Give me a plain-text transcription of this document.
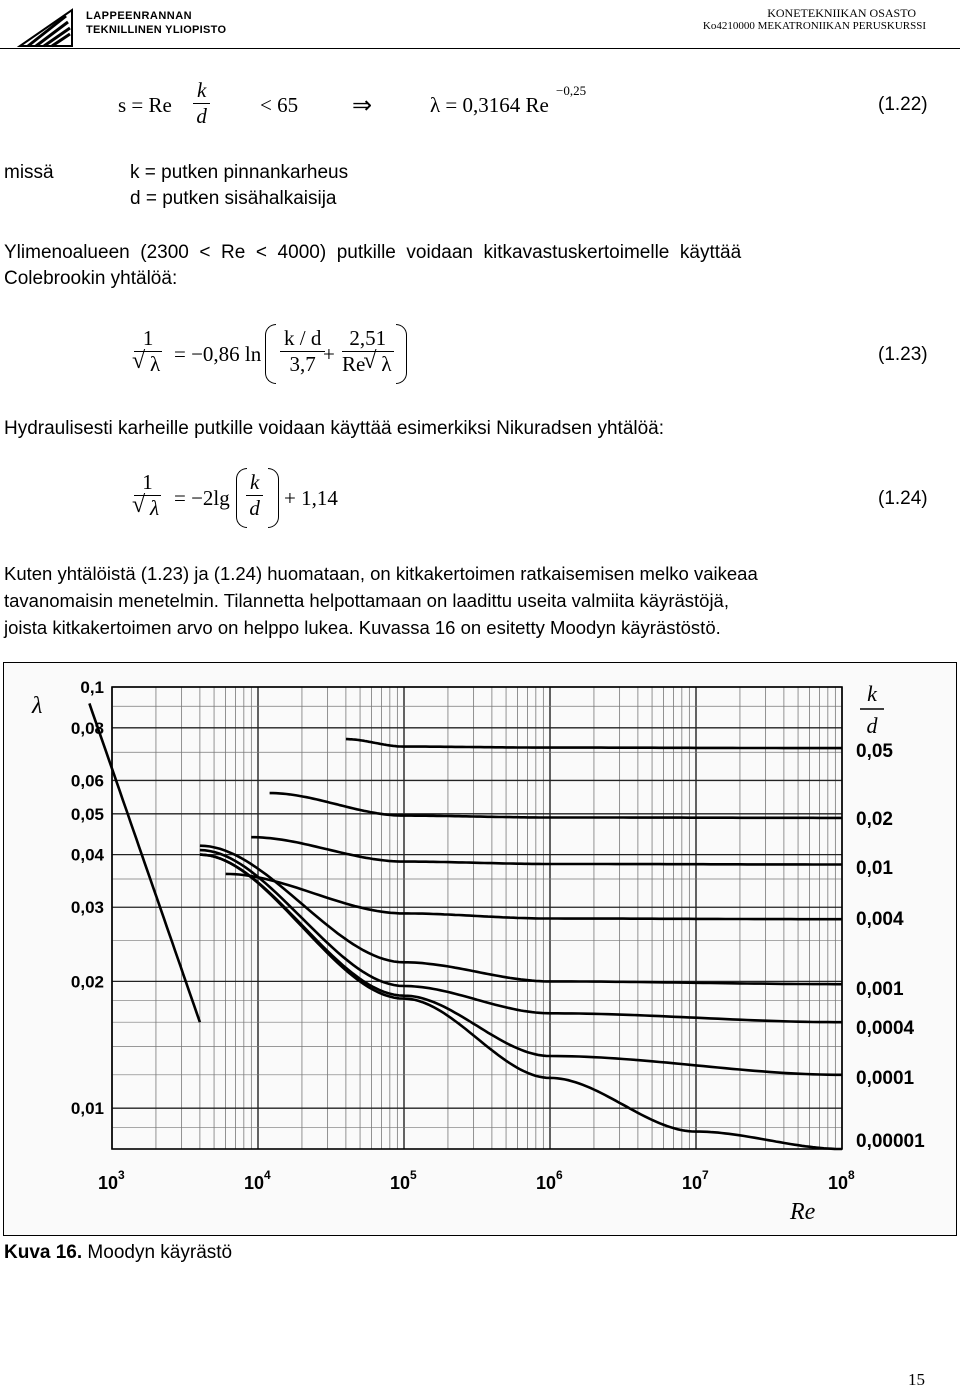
LAPPEENRANNAN
TEKNILLINEN YLIOPISTO
KONETEKNIIKAN OSASTO
Ko4210000 MEKATRONIIKAN PERUSKURSSI
s = Re
k
d	< 65 ⇒	λ = 0,3164 Re
−0,25
(1.22)
missä	k = putken pinnankarheus
d = putken sisähalkaisija
Ylimenoalueen  (2300  <  Re  <  4000)  putkille  voidaan  kitkavastuskertoimelle  käyttää
Colebrookin yhtälöä:
1
√ λ = −0,86 ln
k / d
3,7 +
2,51
Re√ λ	(1.23)
Hydraulisesti karheille putkille voidaan käyttää esimerkiksi Nikuradsen yhtälöä:
1
√ λ = −2lg
k
d + 1,14	(1.24)
Kuten yhtälöistä (1.23) ja (1.24) huomataan, on kitkakertoimen ratkaisemisen melko vaikeaa
tavanomaisin menetelmin. Tilannetta helpottamaan on laadittu useita valmiita käyrästöjä,
joista kitkakertoimen arvo on helppo lukea. Kuvassa 16 on esitetty Moodyn käyrästöstö.
0,1
0,08
0,06
0,05
0,04
0,03
0,02
0,01
λ
10 3	10 4	10 5	10 6	10 7	10 8
Re
k
d
0,05
0,02
0,01
0,004
0,001
0,0004
0,0001
0,00001
Kuva 16. Moodyn käyrästö
15
